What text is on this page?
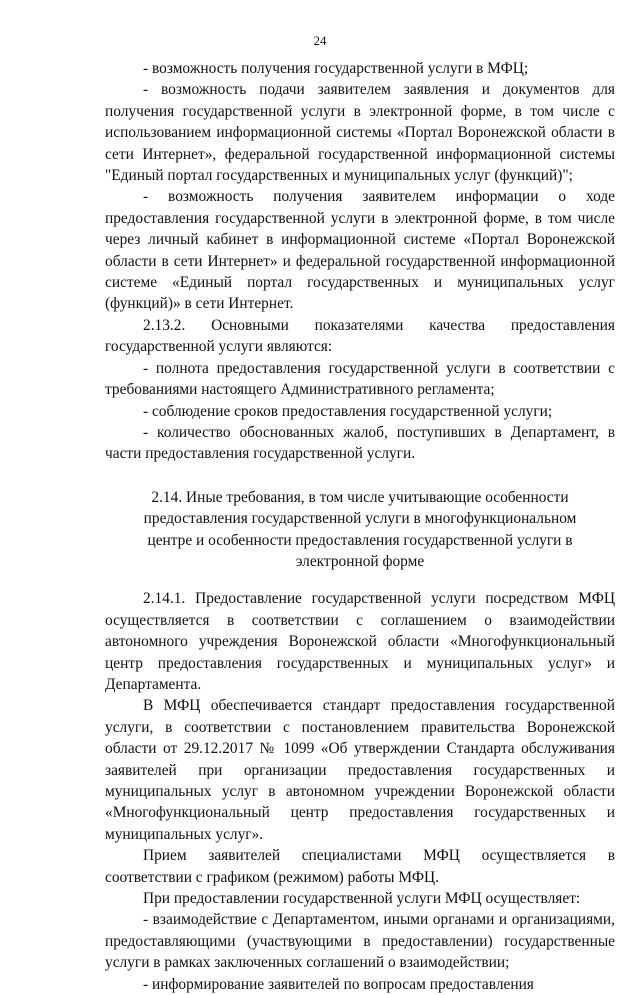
24

- возможность получения государственной услуги в МФЦ;

- возможность подачи заявителем заявления и документов для получения государственной услуги в электронной форме, в том числе с использованием информационной системы «Портал Воронежской области в сети Интернет», федеральной государственной информационной системы "Единый портал государственных и муниципальных услуг (функций)";

- возможность получения заявителем информации о ходе предоставления государственной услуги в электронной форме, в том числе через личный кабинет в информационной системе «Портал Воронежской области в сети Интернет» и федеральной государственной информационной системе «Единый портал государственных и муниципальных услуг (функций)» в сети Интернет.

2.13.2. Основными показателями качества предоставления государственной услуги являются:

- полнота предоставления государственной услуги в соответствии с требованиями настоящего Административного регламента;

- соблюдение сроков предоставления государственной услуги;

- количество обоснованных жалоб, поступивших в Департамент, в части предоставления государственной услуги.

2.14. Иные требования, в том числе учитывающие особенности предоставления государственной услуги в многофункциональном центре и особенности предоставления государственной услуги в электронной форме

2.14.1. Предоставление государственной услуги посредством МФЦ осуществляется в соответствии с соглашением о взаимодействии автономного учреждения Воронежской области «Многофункциональный центр предоставления государственных и муниципальных услуг» и Департамента.

В МФЦ обеспечивается стандарт предоставления государственной услуги, в соответствии с постановлением правительства Воронежской области от 29.12.2017 № 1099 «Об утверждении Стандарта обслуживания заявителей при организации предоставления государственных и муниципальных услуг в автономном учреждении Воронежской области «Многофункциональный центр предоставления государственных и муниципальных услуг».

Прием заявителей специалистами МФЦ осуществляется в соответствии с графиком (режимом) работы МФЦ.

При предоставлении государственной услуги МФЦ осуществляет:

- взаимодействие с Департаментом, иными органами и организациями, предоставляющими (участвующими в предоставлении) государственные услуги в рамках заключенных соглашений о взаимодействии;

- информирование заявителей по вопросам предоставления
